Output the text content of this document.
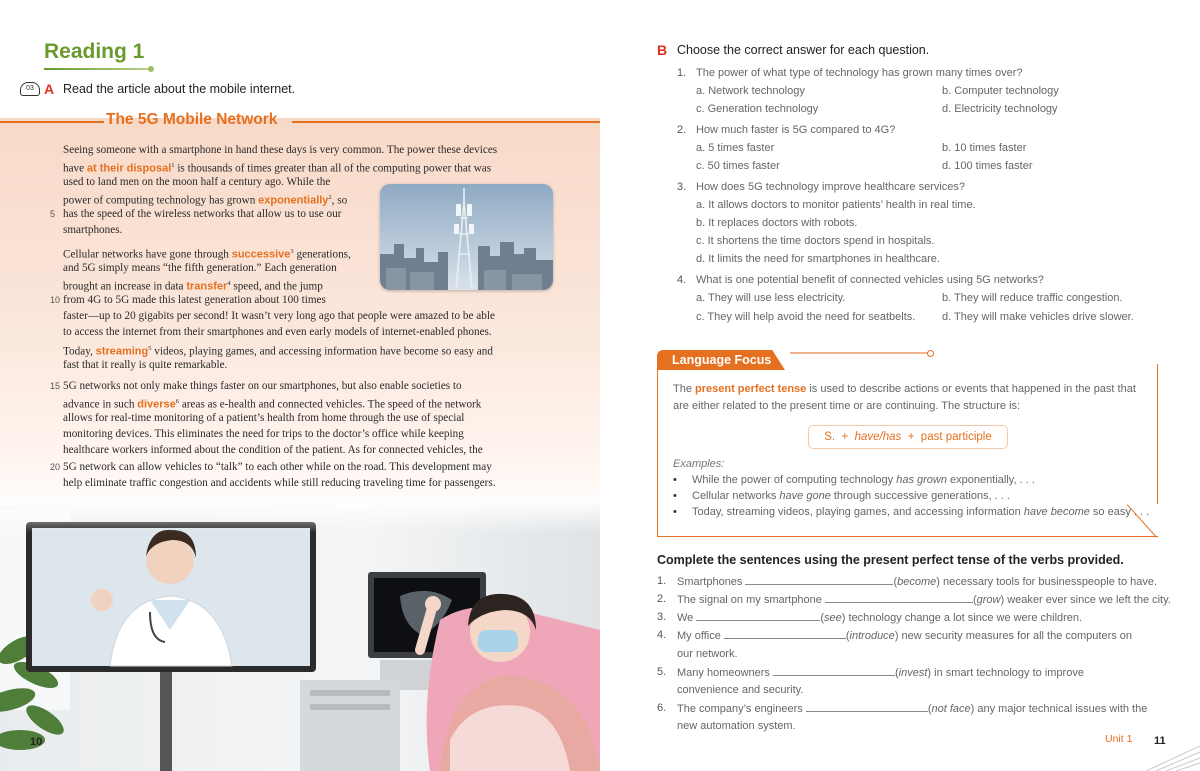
Reading 1
03 A Read the article about the mobile internet.
The 5G Mobile Network
Seeing someone with a smartphone in hand these days is very common. The power these devices
have at their disposal$^1$ is thousands of times greater than all of the computing power that was
used to land men on the moon half a century ago. While the
power of computing technology has grown exponentially$^2$, so
has the speed of the wireless networks that allow us to use our
5
smartphones.
Cellular networks have gone through successive$^3$ generations,
and 5G simply means “the fifth generation.” Each generation
brought an increase in data transfer$^4$ speed, and the jump
10 from 4G to 5G made this latest generation about 100 times
faster—up to 20 gigabits per second! It wasn’t very long ago that people were amazed to be able
to access the internet from their smartphones and even early models of internet-enabled phones.
Today, streaming$^5$ videos, playing games, and accessing information have become so easy and
fast that it really is quite remarkable.
15 5G networks not only make things faster on our smartphones, but also enable societies to
advance in such diverse$^6$ areas as e-health and connected vehicles. The speed of the network
allows for real-time monitoring of a patient’s health from home through the use of special
monitoring devices. This eliminates the need for trips to the doctor’s office while keeping
healthcare workers informed about the condition of the patient. As for connected vehicles, the
20 5G network can allow vehicles to “talk” to each other while on the road. This development may
help eliminate traffic congestion and accidents while still reducing traveling time for passengers.
10
B Choose the correct answer for each question.
1. The power of what type of technology has grown many times over?
a. Network technology	b. Computer technology
c. Generation technology	d. Electricity technology
2. How much faster is 5G compared to 4G?
a. 5 times faster	b. 10 times faster
c. 50 times faster	d. 100 times faster
3. How does 5G technology improve healthcare services?
a. It allows doctors to monitor patients’ health in real time.
b. It replaces doctors with robots.
c. It shortens the time doctors spend in hospitals.
d. It limits the need for smartphones in healthcare.
4. What is one potential benefit of connected vehicles using 5G networks?
a. They will use less electricity.	b. They will reduce traffic congestion.
c. They will help avoid the need for seatbelts. d. They will make vehicles drive slower.
Language Focus
The present perfect tense is used to describe actions or events that happened in the past that
are either related to the present time or are continuing. The structure is:
S. + have/has + past participle
Examples:
• While the power of computing technology has grown exponentially, . . .
• Cellular networks have gone through successive generations, . . .
• Today, streaming videos, playing games, and accessing information have become so easy . . .
Complete the sentences using the present perfect tense of the verbs provided.
1. Smartphones	(become) necessary tools for businesspeople to have.
2. The signal on my smartphone	(grow) weaker ever since we left the city.
3. We	(see) technology change a lot since we were children.
4. My office	(introduce) new security measures for all the computers on
our network.
5. Many homeowners	(invest) in smart technology to improve
convenience and security.
6. The company’s engineers	(not face) any major technical issues with the
new automation system.
Unit 1 11
